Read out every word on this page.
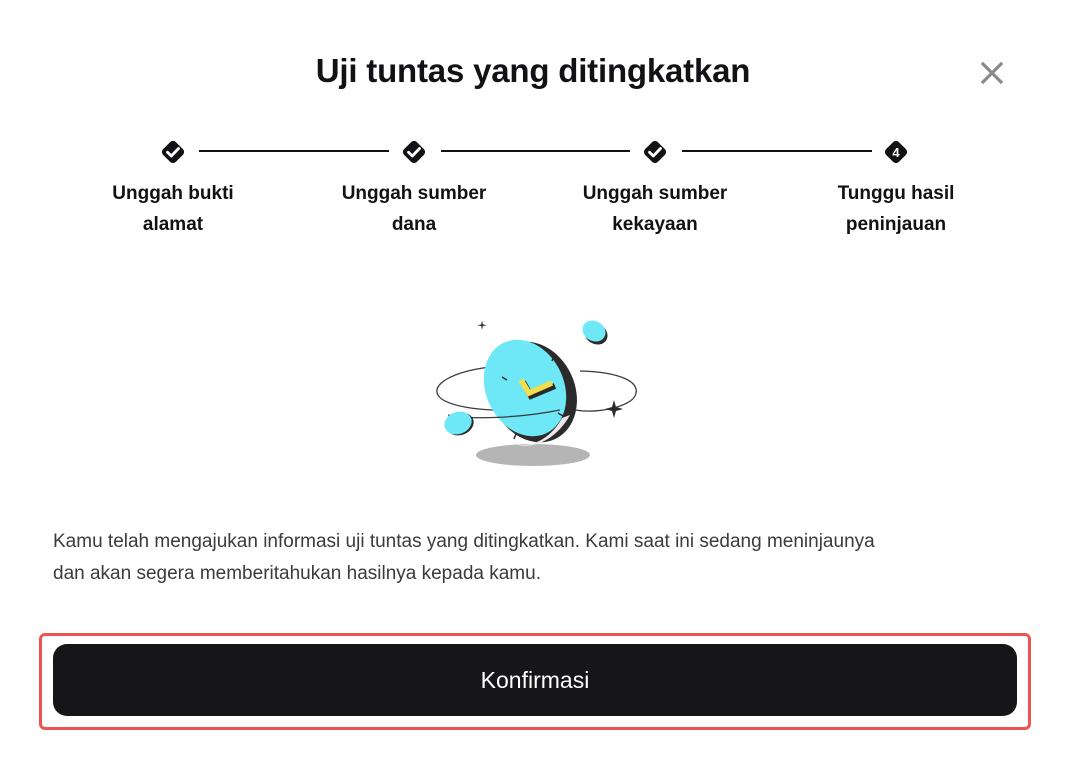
Uji tuntas yang ditingkatkan
Unggah bukti
alamat
Unggah sumber
dana
Unggah sumber
kekayaan
4
Tunggu hasil
peninjauan
Kamu telah mengajukan informasi uji tuntas yang ditingkatkan. Kami saat ini sedang meninjaunya
dan akan segera memberitahukan hasilnya kepada kamu.
Konfirmasi
